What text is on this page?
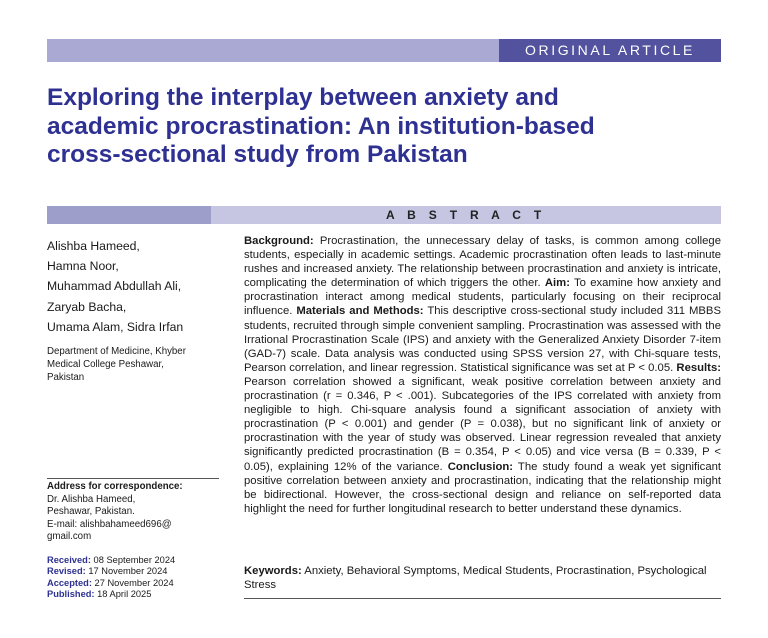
ORIGINAL ARTICLE
Exploring the interplay between anxiety and
academic procrastination: An institution-based
cross-sectional study from Pakistan
A B S T R A C T
Alishba Hameed,
Hamna Noor,
Muhammad Abdullah Ali,
Zaryab Bacha,
Umama Alam, Sidra Irfan
Department of Medicine, Khyber
Medical College Peshawar,
Pakistan
Address for correspondence:
Dr. Alishba Hameed,
Peshawar, Pakistan.
E-mail: alishbahameed696@
gmail.com
Received: 08 September 2024
Revised: 17 November 2024
Accepted: 27 November 2024
Published: 18 April 2025

Background: Procrastination, the unnecessary delay of tasks, is common among college students, especially in academic settings. Academic procrastination often leads to last-minute rushes and increased anxiety. The relationship between procrastination and anxiety is intricate, complicating the determination of which triggers the other. Aim: To examine how anxiety and procrastination interact among medical students, particularly focusing on their reciprocal influence. Materials and Methods: This descriptive cross-sectional study included 311 MBBS students, recruited through simple convenient sampling. Procrastination was assessed with the Irrational Procrastination Scale (IPS) and anxiety with the Generalized Anxiety Disorder 7-item (GAD-7) scale. Data analysis was conducted using SPSS version 27, with Chi-square tests, Pearson correlation, and linear regression. Statistical significance was set at P < 0.05. Results: Pearson correlation showed a significant, weak positive correlation between anxiety and procrastination (r = 0.346, P < .001). Subcategories of the IPS correlated with anxiety from negligible to high. Chi-square analysis found a significant association of anxiety with procrastination (P < 0.001) and gender (P = 0.038), but no significant link of anxiety or procrastination with the year of study was observed. Linear regression revealed that anxiety significantly predicted procrastination (B = 0.354, P < 0.05) and vice versa (B = 0.339, P < 0.05), explaining 12% of the variance. Conclusion: The study found a weak yet significant positive correlation between anxiety and procrastination, indicating that the relationship might be bidirectional. However, the cross-sectional design and reliance on self-reported data highlight the need for further longitudinal research to better understand these dynamics.

Keywords: Anxiety, Behavioral Symptoms, Medical Students, Procrastination, Psychological Stress
